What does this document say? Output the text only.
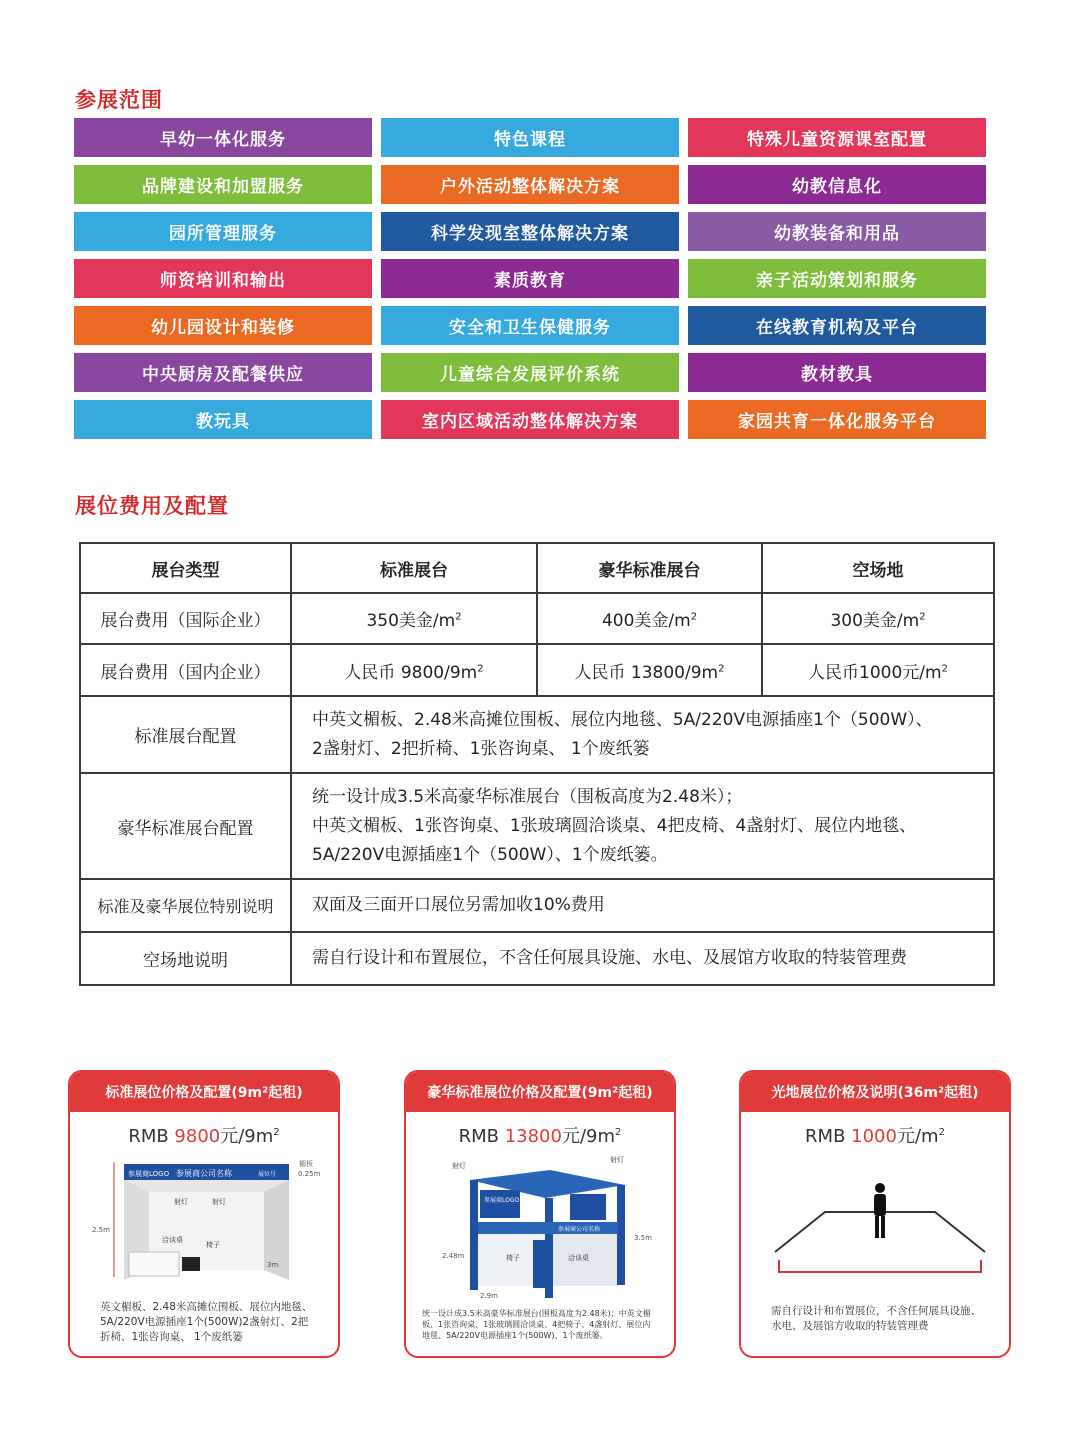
参展范围
早幼一体化服务	特色课程	特殊儿童资源课室配置
品牌建设和加盟服务	户外活动整体解决方案	幼教信息化
园所管理服务	科学发现室整体解决方案	幼教装备和用品
师资培训和输出	素质教育	亲子活动策划和服务
幼儿园设计和装修	安全和卫生保健服务	在线教育机构及平台
中央厨房及配餐供应	儿童综合发展评价系统	教材教具
教玩具	室内区域活动整体解决方案	家园共育一体化服务平台
展位费用及配置
展台类型	标准展台	豪华标准展台	空场地
展台费用（国际企业）	350美金$/m^2$	400美金$/m^2$	300美金$/m^2$
展台费用（国内企业）	人民币 $9800/9m^2$	人民币 $13800/9m^2$	人民币1000元$/m^2$
标准展台配置	中英文楣板、2.48米高摊位围板、展位内地毯、5A/220V电源插座1个（500W）、
2盏射灯、2把折椅、1张咨询桌、 1个废纸篓		

豪华标准展台配置	统一设计成3.5米高豪华标准展台（围板高度为2.48米）；
中英文楣板、1张咨询桌、1张玻璃圆洽谈桌、4把皮椅、4盏射灯、展位内地毯、
5A/220V电源插座1个（500W）、1个废纸篓。		

标准及豪华展位特别说明	双面及三面开口展位另需加收10%费用		
空场地说明	需自行设计和布置展位，不含任何展具设施、水电、及展馆方收取的特装管理费		
标准展位价格及配置(9m²起租)
RMB 9800元$/9m^2$
参展商LOGO 参展商公司名称	展位号
楣板
0.25m
射灯	射灯
洽谈桌
椅子
2.5m
3m
英文楣板、2.48米高摊位围板、展位内地毯、5A/220V电源插座1个(500W)2盏射灯、2把折椅、1张咨询桌、 1个废纸篓
豪华标准展位价格及配置(9m²起租)
RMB 13800元$/9m^2$
射灯
射灯
参展商LOGO
参展商公司名称
椅子	洽谈桌
2.48m
3.5m
2.9m
统一设计成3.5米高豪华标准展台(围板高度为2.48米)；中英文楣板、1张咨询桌、1张玻璃圆洽谈桌、4把椅子、4盏射灯、展位内地毯、5A/220V电源插座1个(500W)、1个废纸篓。
光地展位价格及说明(36m²起租)
RMB 1000元$/m^2$
需自行设计和布置展位，不含任何展具设施、水电、及展馆方收取的特装管理费
